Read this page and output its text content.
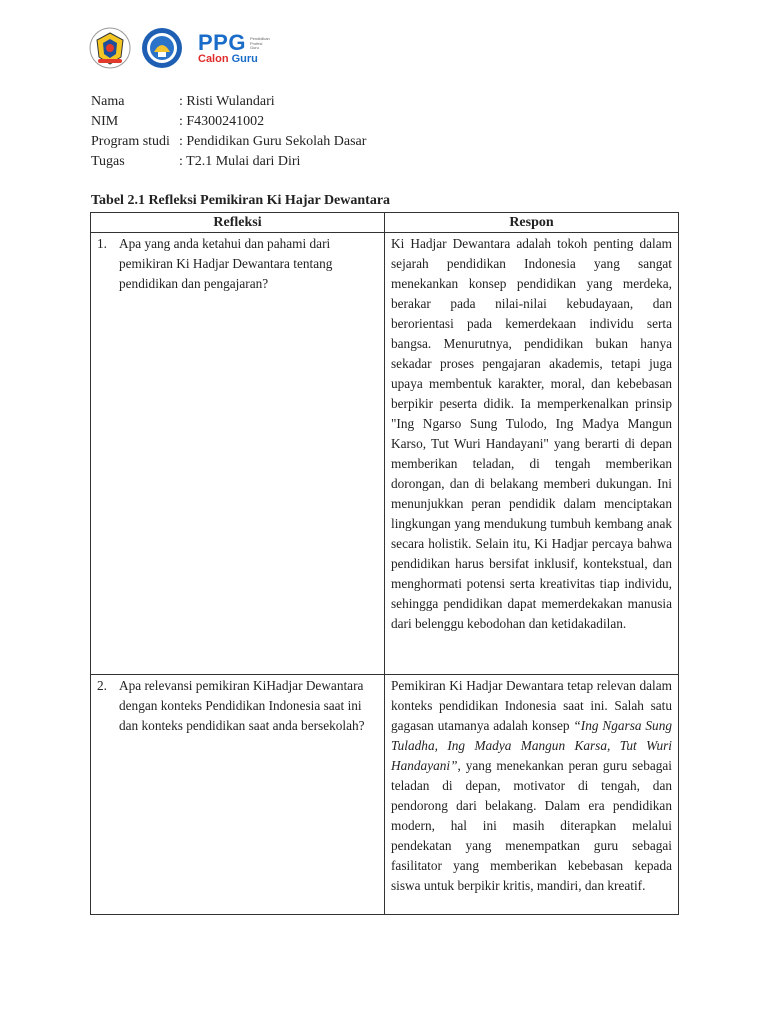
PPG Pendidikan
Profesi
Guru
Calon Guru
Nama	: Risti Wulandari
NIM	: F4300241002
Program studi : Pendidikan Guru Sekolah Dasar
Tugas	: T2.1 Mulai dari Diri
Tabel 2.1 Refleksi Pemikiran Ki Hajar Dewantara
Refleksi	Respon

1. Apa yang anda ketahui dan pahami dari pemikiran Ki Hadjar Dewantara tentang pendidikan dan pengajaran?	Ki Hadjar Dewantara adalah tokoh penting dalam sejarah pendidikan Indonesia yang sangat menekankan konsep pendidikan yang merdeka, berakar pada nilai-nilai kebudayaan, dan berorientasi pada kemerdekaan individu serta bangsa. Menurutnya, pendidikan bukan hanya sekadar proses pengajaran akademis, tetapi juga upaya membentuk karakter, moral, dan kebebasan berpikir peserta didik. Ia memperkenalkan prinsip "Ing Ngarso Sung Tulodo, Ing Madya Mangun Karso, Tut Wuri Handayani" yang berarti di depan memberikan teladan, di tengah memberikan dorongan, dan di belakang memberi dukungan. Ini menunjukkan peran pendidik dalam menciptakan lingkungan yang mendukung tumbuh kembang anak secara holistik. Selain itu, Ki Hadjar percaya bahwa pendidikan harus bersifat inklusif, kontekstual, dan menghormati potensi serta kreativitas tiap individu, sehingga pendidikan dapat memerdekakan manusia dari belenggu kebodohan dan ketidakadilan.

2. Apa relevansi pemikiran KiHadjar Dewantara dengan konteks Pendidikan Indonesia saat ini dan konteks pendidikan saat anda bersekolah?	Pemikiran Ki Hadjar Dewantara tetap relevan dalam konteks pendidikan Indonesia saat ini. Salah satu gagasan utamanya adalah konsep “Ing Ngarsa Sung Tuladha, Ing Madya Mangun Karsa, Tut Wuri Handayani”, yang menekankan peran guru sebagai teladan di depan, motivator di tengah, dan pendorong dari belakang. Dalam era pendidikan modern, hal ini masih diterapkan melalui pendekatan yang menempatkan guru sebagai fasilitator yang memberikan kebebasan kepada siswa untuk berpikir kritis, mandiri, dan kreatif.
